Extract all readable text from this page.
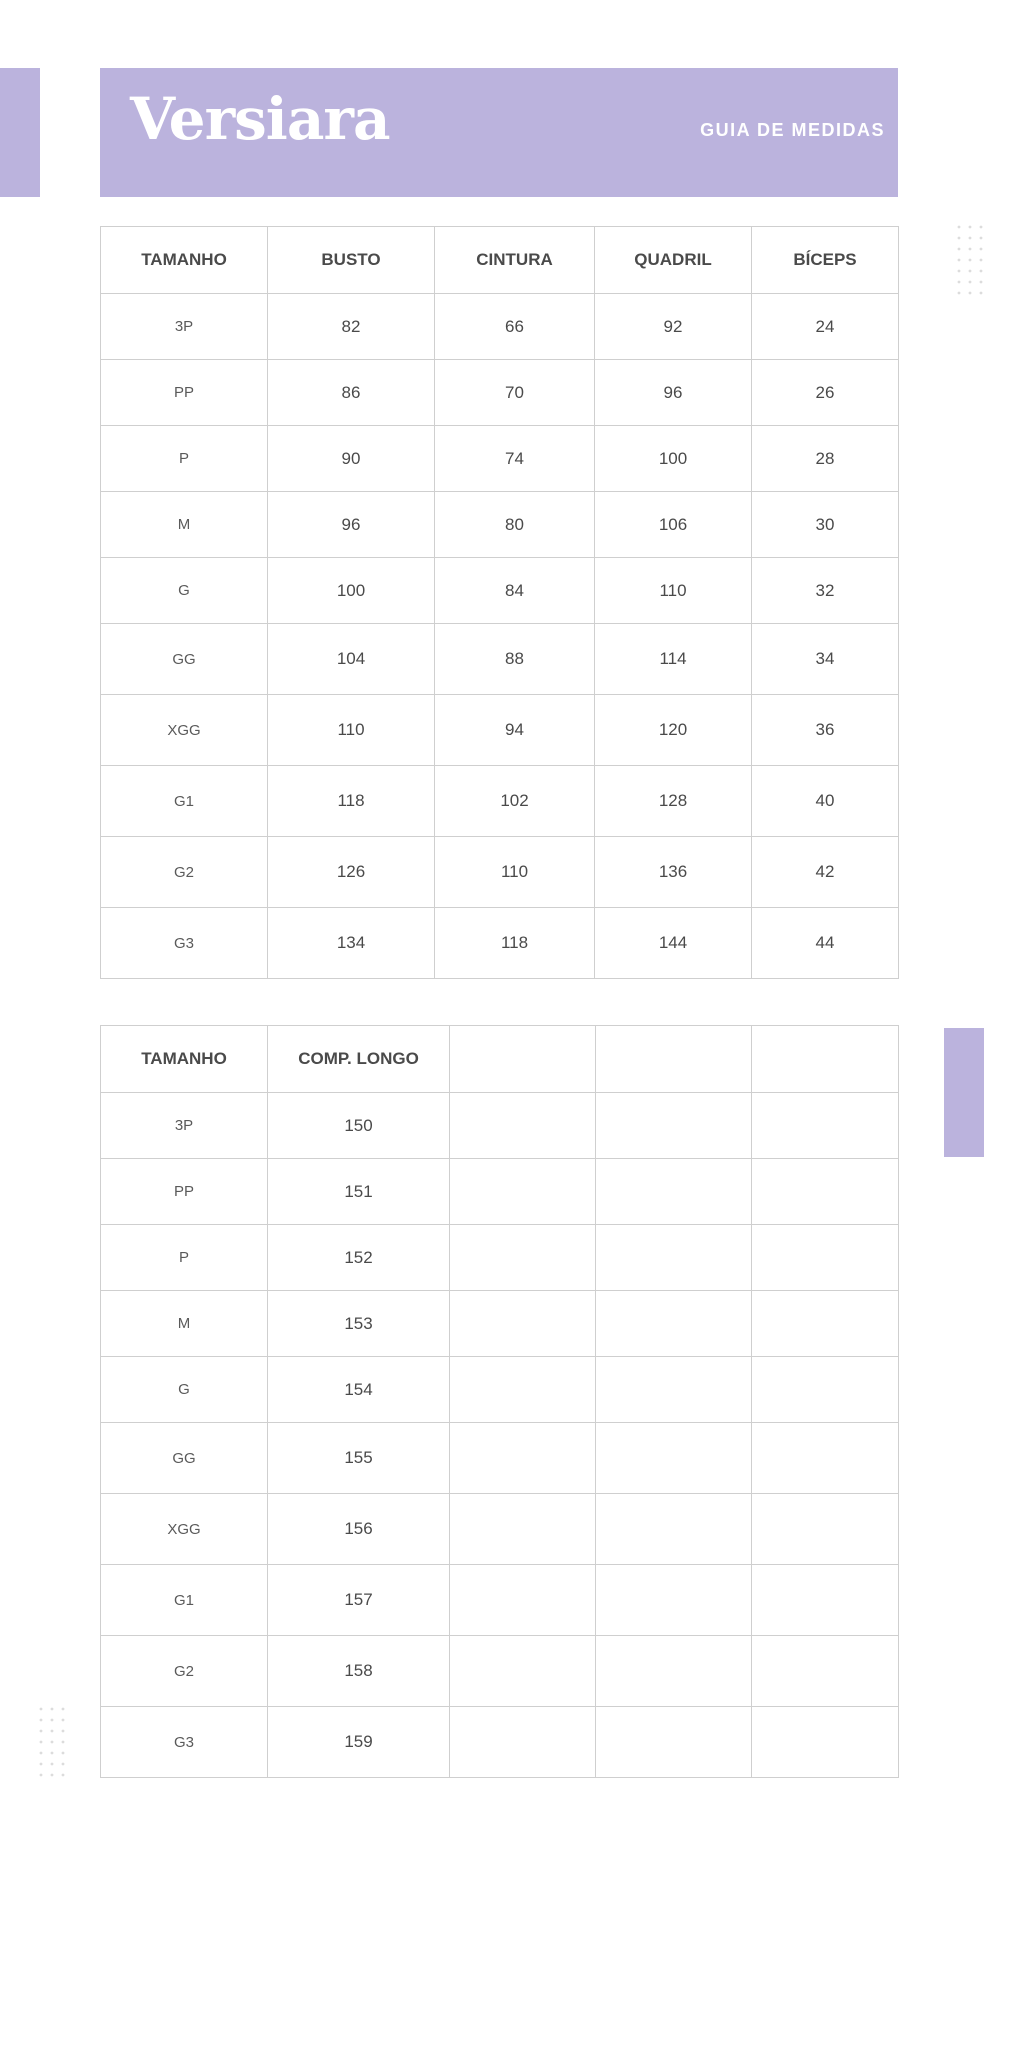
Versiara	GUIA DE MEDIDAS
TAMANHO	BUSTO	CINTURA	QUADRIL	BÍCEPS
3P	82	66	92	24
PP	86	70	96	26
P	90	74	100	28
M	96	80	106	30
G	100	84	110	32
GG	104	88	114	34
XGG	110	94	120	36
G1	118	102	128	40
G2	126	110	136	42
G3	134	118	144	44
TAMANHO	COMP. LONGO			
3P	150			
PP	151			
P	152			
M	153			
G	154			
GG	155			
XGG	156			
G1	157			
G2	158			
G3	159			
